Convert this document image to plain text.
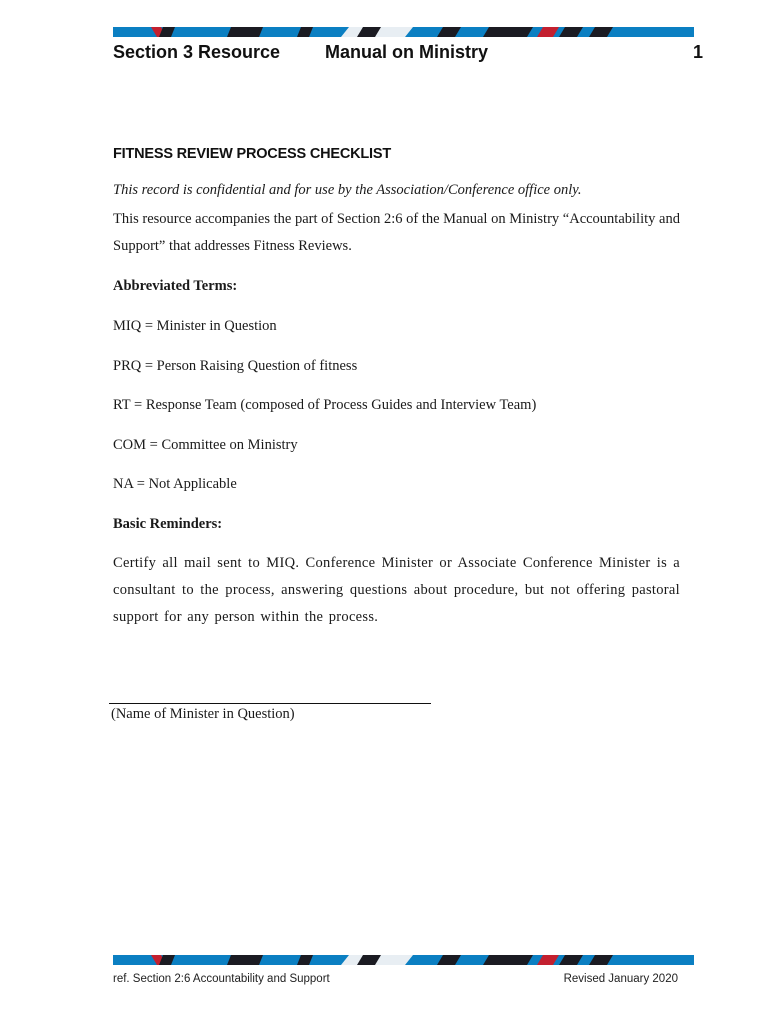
Section 3 Resource Manual on Ministry	1
FITNESS REVIEW PROCESS CHECKLIST
This record is confidential and for use by the Association/Conference office only.
This resource accompanies the part of Section 2:6 of the Manual on Ministry “Accountability and Support” that addresses Fitness Reviews.
Abbreviated Terms:
MIQ = Minister in Question
PRQ = Person Raising Question of fitness
RT = Response Team (composed of Process Guides and Interview Team)
COM = Committee on Ministry
NA = Not Applicable
Basic Reminders:
Certify all mail sent to MIQ. Conference Minister or Associate Conference Minister is a consultant to the process, answering questions about procedure, but not offering pastoral support for any person within the process.
(Name of Minister in Question)
ref. Section 2:6 Accountability and Support	Revised January 2020
